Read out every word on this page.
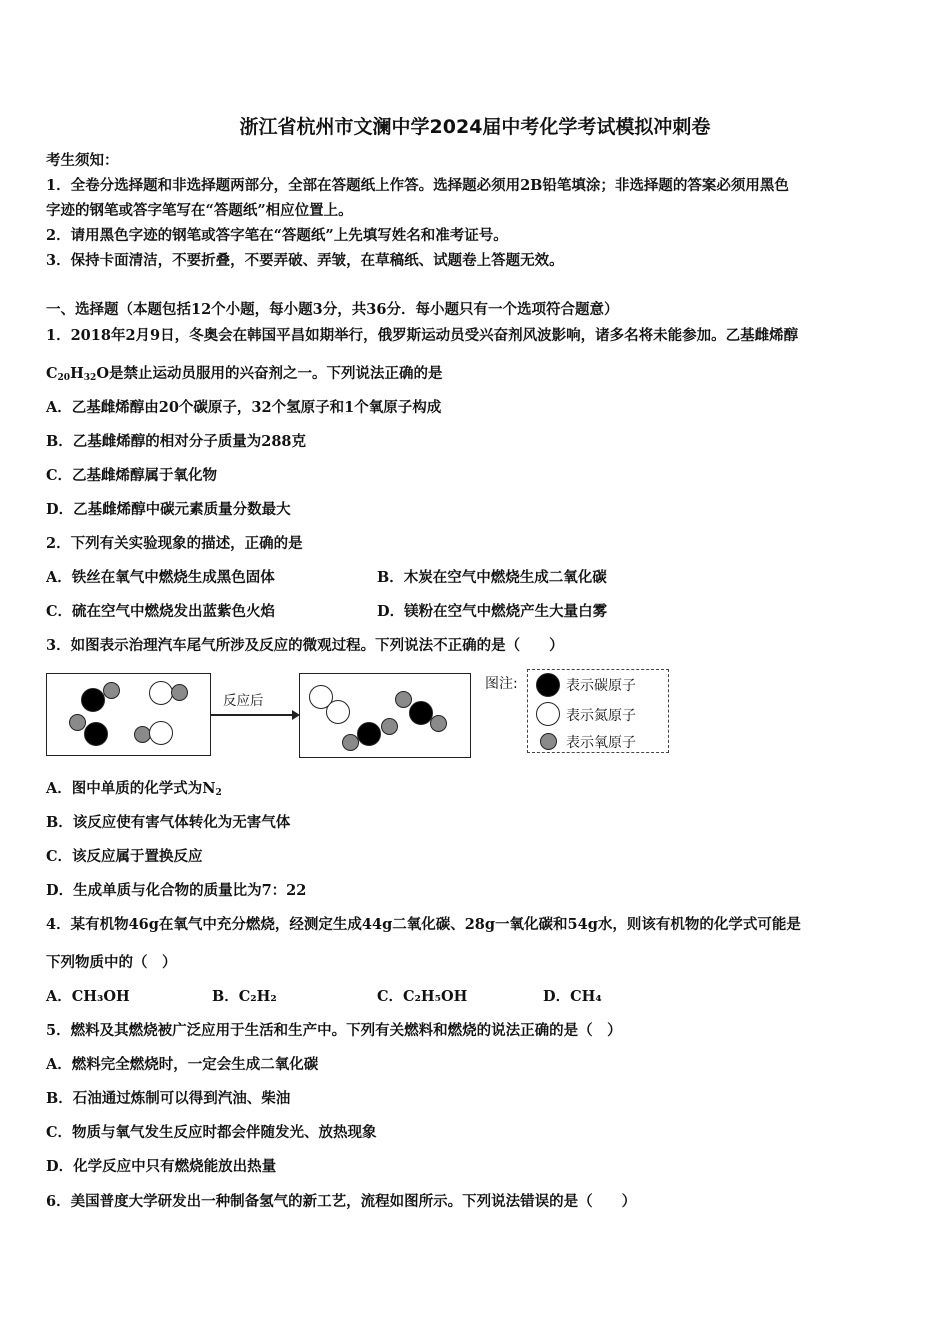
浙江省杭州市文澜中学2024届中考化学考试模拟冲刺卷
考生须知：
1．全卷分选择题和非选择题两部分，全部在答题纸上作答。选择题必须用2B铅笔填涂；非选择题的答案必须用黑色
字迹的钢笔或答字笔写在“答题纸”相应位置上。
2．请用黑色字迹的钢笔或答字笔在“答题纸”上先填写姓名和准考证号。
3．保持卡面清洁，不要折叠，不要弄破、弄皱，在草稿纸、试题卷上答题无效。
一、选择题（本题包括12个小题，每小题3分，共36分．每小题只有一个选项符合题意）
1．2018年2月9日，冬奥会在韩国平昌如期举行，俄罗斯运动员受兴奋剂风波影响，诸多名将未能参加。乙基雌烯醇
$C_{20}H_{32}O$是禁止运动员服用的兴奋剂之一。下列说法正确的是
A．乙基雌烯醇由20个碳原子，32个氢原子和1个氧原子构成
B．乙基雌烯醇的相对分子质量为288克
C．乙基雌烯醇属于氧化物
D．乙基雌烯醇中碳元素质量分数最大
2．下列有关实验现象的描述，正确的是
A．铁丝在氧气中燃烧生成黑色固体	B．木炭在空气中燃烧生成二氧化碳
C．硫在空气中燃烧发出蓝紫色火焰	D．镁粉在空气中燃烧产生大量白雾
3．如图表示治理汽车尾气所涉及反应的微观过程。下列说法不正确的是（　　）
反应后
图注:	表示碳原子
表示氮原子
表示氧原子
A．图中单质的化学式为$N_2$
B．该反应使有害气体转化为无害气体
C．该反应属于置换反应
D．生成单质与化合物的质量比为7：22
4．某有机物46g在氧气中充分燃烧，经测定生成44g二氧化碳、28g一氧化碳和54g水，则该有机物的化学式可能是
下列物质中的（　）
A．CH₃OH	B．C₂H₂	C．C₂H₅OH	D．CH₄
5．燃料及其燃烧被广泛应用于生活和生产中。下列有关燃料和燃烧的说法正确的是（　）
A．燃料完全燃烧时，一定会生成二氧化碳
B．石油通过炼制可以得到汽油、柴油
C．物质与氧气发生反应时都会伴随发光、放热现象
D．化学反应中只有燃烧能放出热量
6．美国普度大学研发出一种制备氢气的新工艺，流程如图所示。下列说法错误的是（　　）
